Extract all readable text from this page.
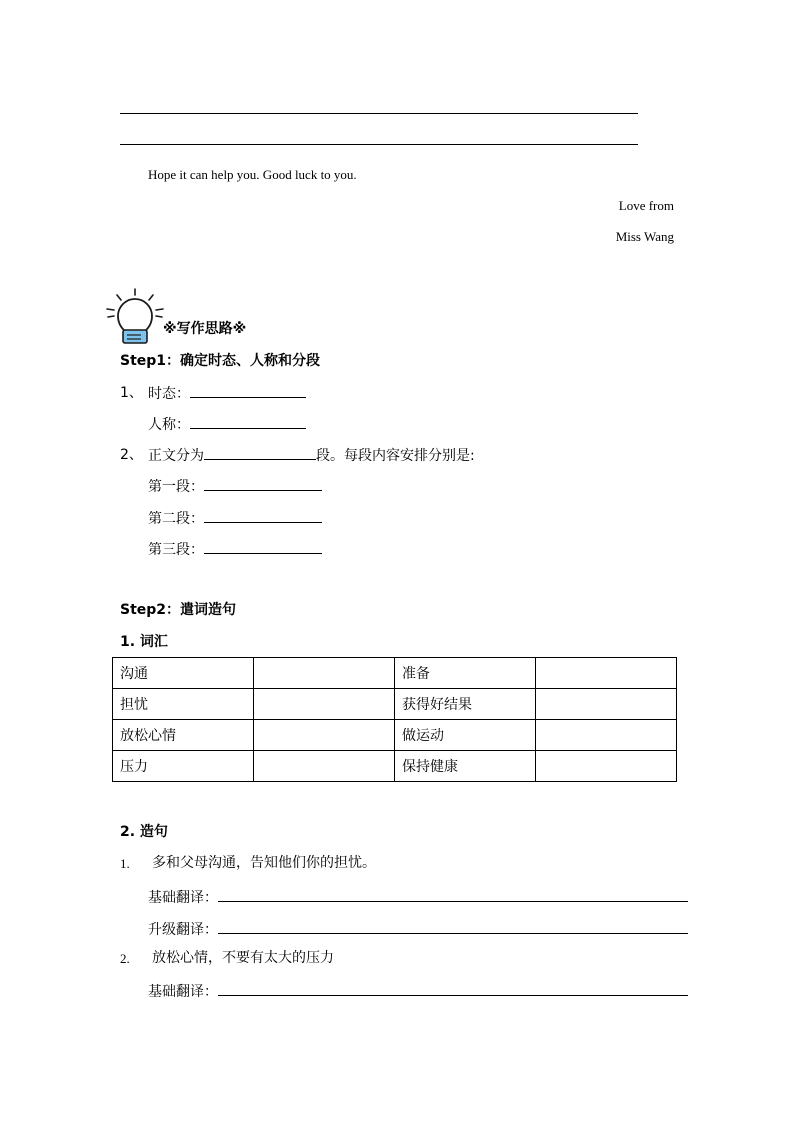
Hope it can help you. Good luck to you.
Love from
Miss Wang
※写作思路※
Step1：确定时态、人称和分段
1、 时态：
人称：
2、 正文分为	段。每段内容安排分别是:
第一段：
第二段：
第三段：
Step2：遣词造句
1. 词汇
沟通		准备	
担忧		获得好结果	
放松心情		做运动	
压力		保持健康	
2. 造句
1. 多和父母沟通，告知他们你的担忧。
基础翻译：
升级翻译：
2. 放松心情，不要有太大的压力
基础翻译：
